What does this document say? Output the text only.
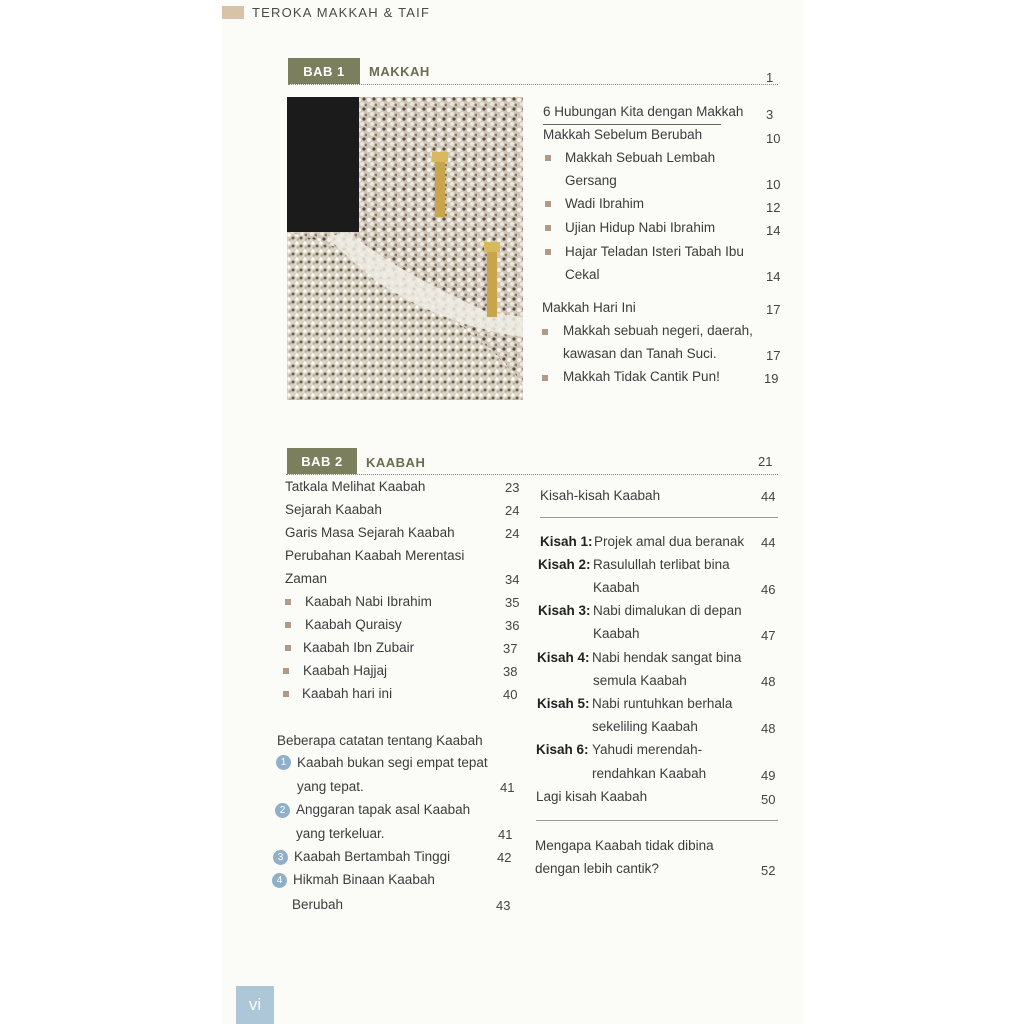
TEROKA MAKKAH & TAIF
BAB 1	MAKKAH	1
6 Hubungan Kita dengan Makkah 3
Makkah Sebelum Berubah	10
Makkah Sebuah Lembah
Gersang	10
Wadi Ibrahim	12
Ujian Hidup Nabi Ibrahim	14
Hajar Teladan Isteri Tabah Ibu
Cekal	14
Makkah Hari Ini	17
Makkah sebuah negeri, daerah,
kawasan dan Tanah Suci.	17
Makkah Tidak Cantik Pun!	19
BAB 2	KAABAH	21
Tatkala Melihat Kaabah	23
Sejarah Kaabah	24
Garis Masa Sejarah Kaabah	24
Perubahan Kaabah Merentasi
Zaman	34
Kaabah Nabi Ibrahim	35
Kaabah Quraisy	36
Kaabah Ibn Zubair	37
Kaabah Hajjaj	38
Kaabah hari ini	40
Beberapa catatan tentang Kaabah
1 Kaabah bukan segi empat tepat
yang tepat.	41
2 Anggaran tapak asal Kaabah
yang terkeluar.	41
3 Kaabah Bertambah Tinggi	42
4 Hikmah Binaan Kaabah
Berubah	43
Kisah-kisah Kaabah	44
Kisah 1: Projek amal dua beranak 44
Kisah 2: Rasulullah terlibat bina
Kaabah	46
Kisah 3: Nabi dimalukan di depan
Kaabah	47
Kisah 4: Nabi hendak sangat bina
semula Kaabah	48
Kisah 5: Nabi runtuhkan berhala
sekeliling Kaabah	48
Kisah 6: Yahudi merendah-
rendahkan Kaabah	49
Lagi kisah Kaabah	50
Mengapa Kaabah tidak dibina
dengan lebih cantik?	52
vi
